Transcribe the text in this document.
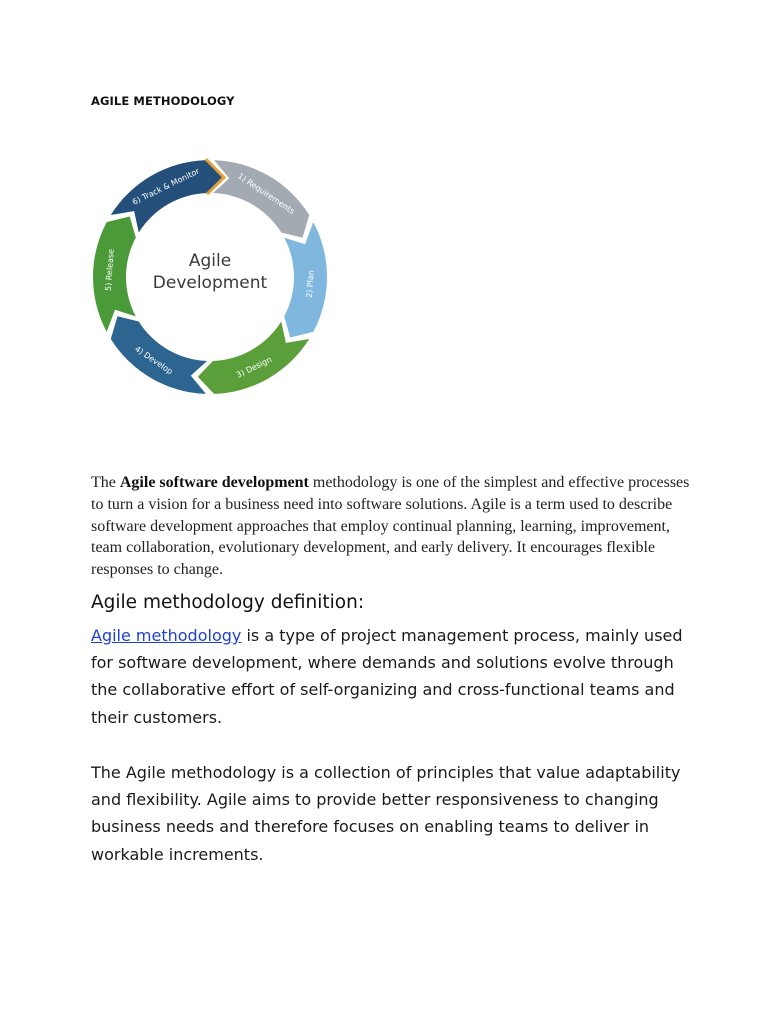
AGILE METHODOLOGY
1) Requirements
2) Plan
3) Design
4) Develop
5) Release
6) Track & Monitor
Agile
Development

The Agile software development methodology is one of the simplest and effective processes to turn a vision for a business need into software solutions. Agile is a term used to describe software development approaches that employ continual planning, learning, improvement, team collaboration, evolutionary development, and early delivery. It encourages flexible responses to change.

Agile methodology definition:

Agile methodology is a type of project management process, mainly used for software development, where demands and solutions evolve through the collaborative effort of self-organizing and cross-functional teams and their customers.

The Agile methodology is a collection of principles that value adaptability and flexibility. Agile aims to provide better responsiveness to changing business needs and therefore focuses on enabling teams to deliver in workable increments.
